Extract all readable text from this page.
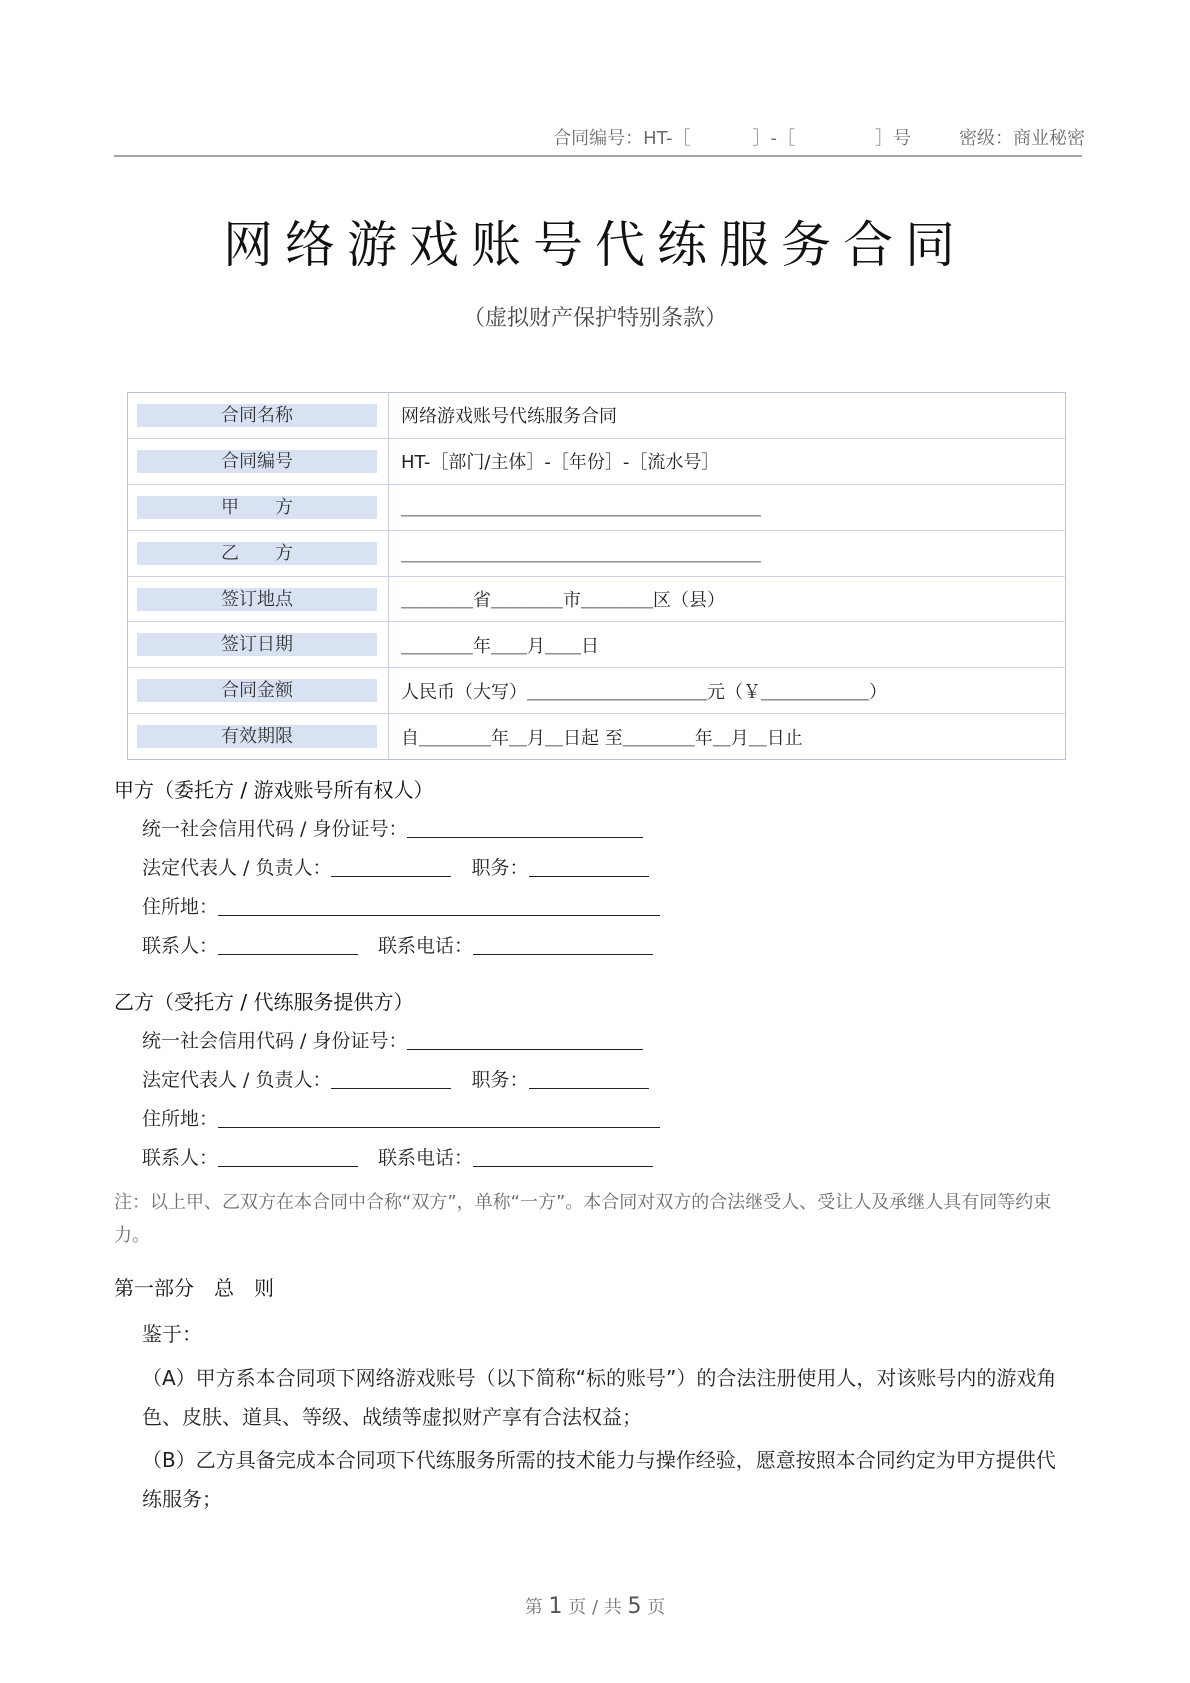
合同编号：HT-［	］-［	］号	密级：商业秘密
网络游戏账号代练服务合同
（虚拟财产保护特别条款）
合同名称	网络游戏账号代练服务合同

合同编号	HT-［部门/主体］-［年份］-［流水号］

甲　　方	＿＿＿＿＿＿＿＿＿＿＿＿＿＿＿＿＿＿＿＿

乙　　方	＿＿＿＿＿＿＿＿＿＿＿＿＿＿＿＿＿＿＿＿

签订地点	＿＿＿＿省＿＿＿＿市＿＿＿＿区（县）

签订日期	＿＿＿＿年＿＿月＿＿日

合同金额	人民币（大写）＿＿＿＿＿＿＿＿＿＿元（￥＿＿＿＿＿＿）

有效期限	自＿＿＿＿年＿月＿日起 至＿＿＿＿年＿月＿日止
甲方（委托方 / 游戏账号所有权人）
统一社会信用代码 / 身份证号：
法定代表人 / 负责人：	职务：
住所地：
联系人：	联系电话：
乙方（受托方 / 代练服务提供方）
统一社会信用代码 / 身份证号：
法定代表人 / 负责人：	职务：
住所地：
联系人：	联系电话：
注：以上甲、乙双方在本合同中合称“双方”，单称“一方”。本合同对双方的合法继受人、受让人及承继人具有同等约束力。
第一部分　总　则
鉴于：
（A）甲方系本合同项下网络游戏账号（以下简称“标的账号”）的合法注册使用人，对该账号内的游戏角色、皮肤、道具、等级、战绩等虚拟财产享有合法权益；
（B）乙方具备完成本合同项下代练服务所需的技术能力与操作经验，愿意按照本合同约定为甲方提供代练服务；
第 1 页 / 共 5 页
